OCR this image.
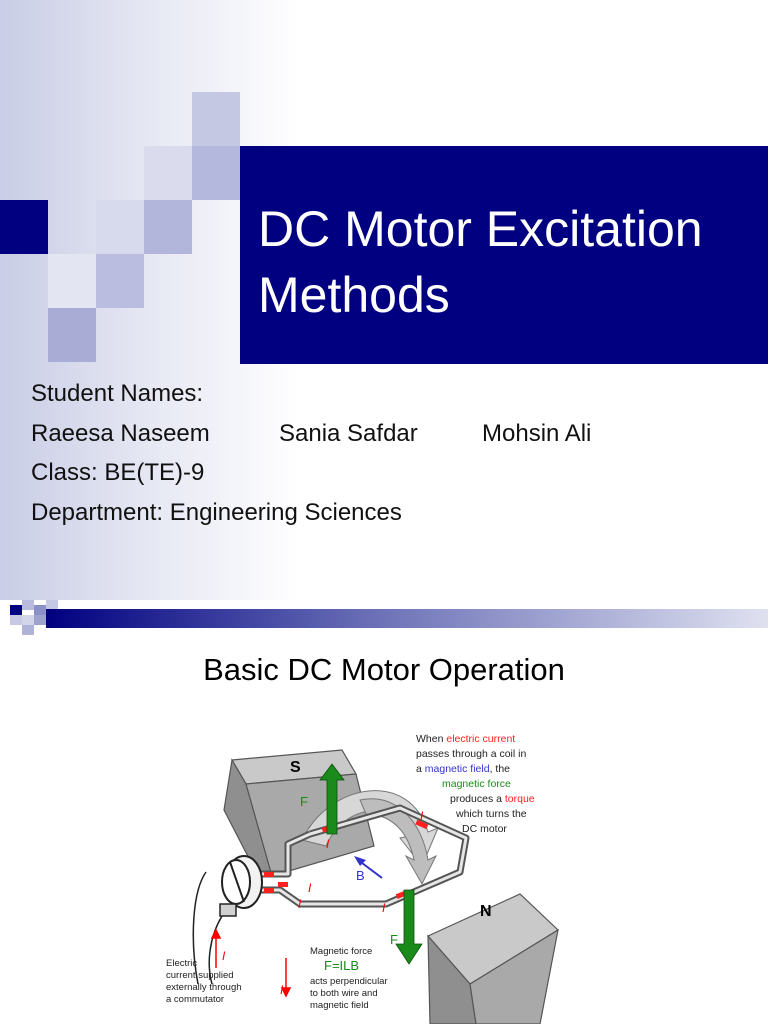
DC Motor Excitation
Methods
Student Names:
Raeesa Naseem	Sania Safdar	Mohsin Ali
Class: BE(TE)-9
Department: Engineering Sciences
Basic DC Motor Operation
S
N
I
I
I
I
I
I
I
F
F
B
When electric current
passes through a coil in
a magnetic field, the
magnetic force
produces a torque
which turns the
DC motor
Electric
current supplied
externally through
a commutator
Magnetic force
F=ILB
acts perpendicular
to both wire and
magnetic field
